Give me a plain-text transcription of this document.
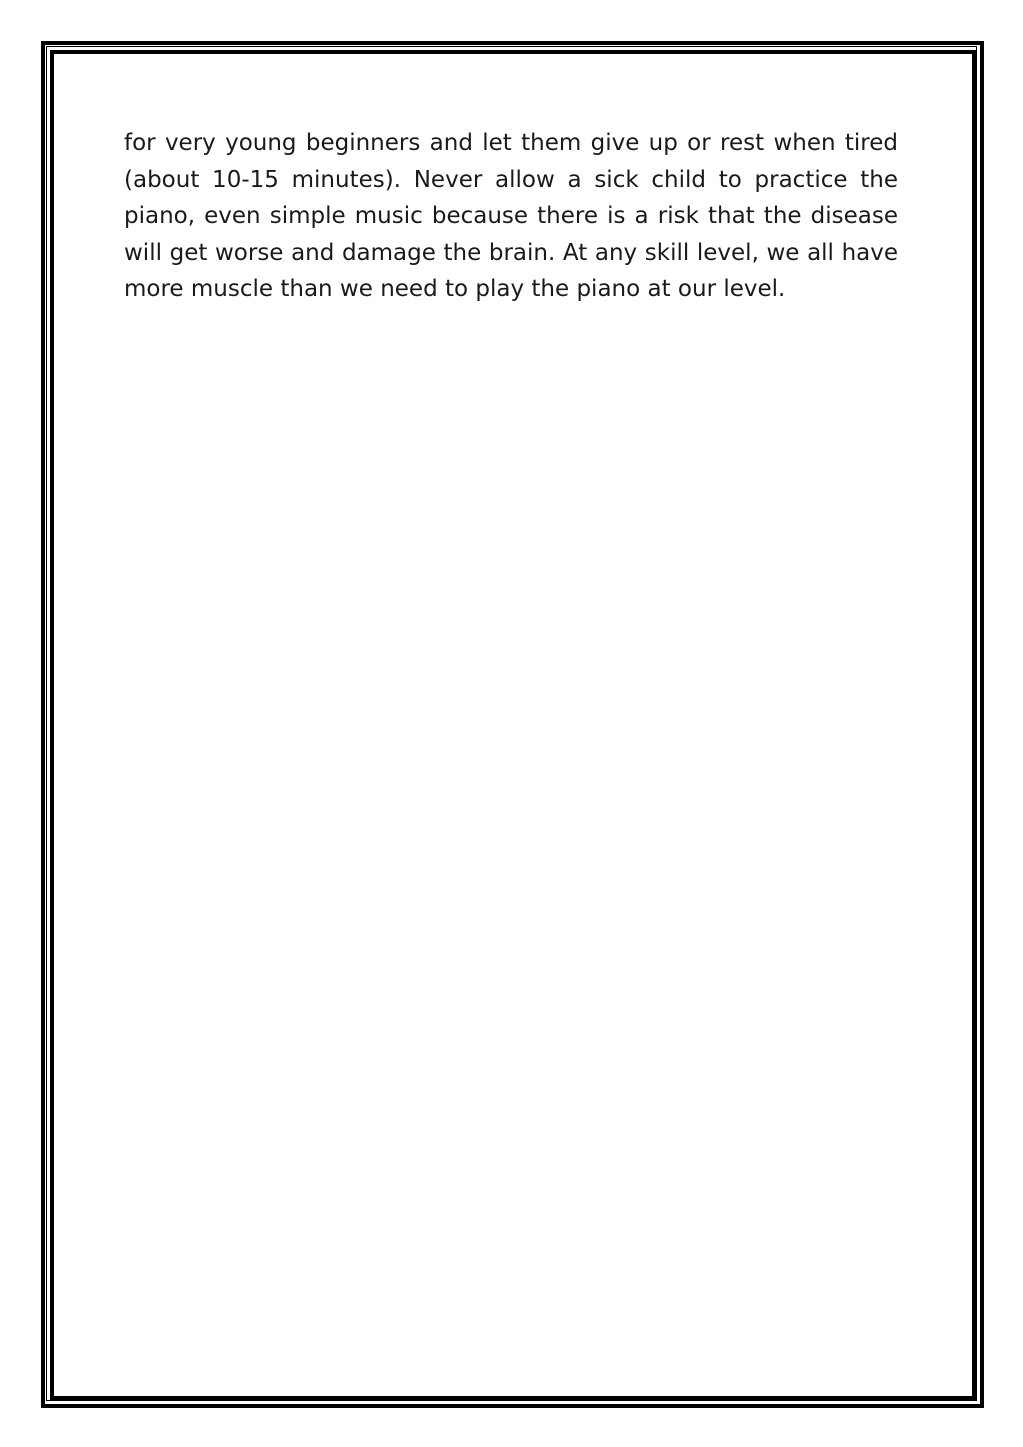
for very young beginners and let them give up or rest when tired (about 10-15 minutes). Never allow a sick child to practice the piano, even simple music because there is a risk that the disease will get worse and damage the brain. At any skill level, we all have more muscle than we need to play the piano at our level.
